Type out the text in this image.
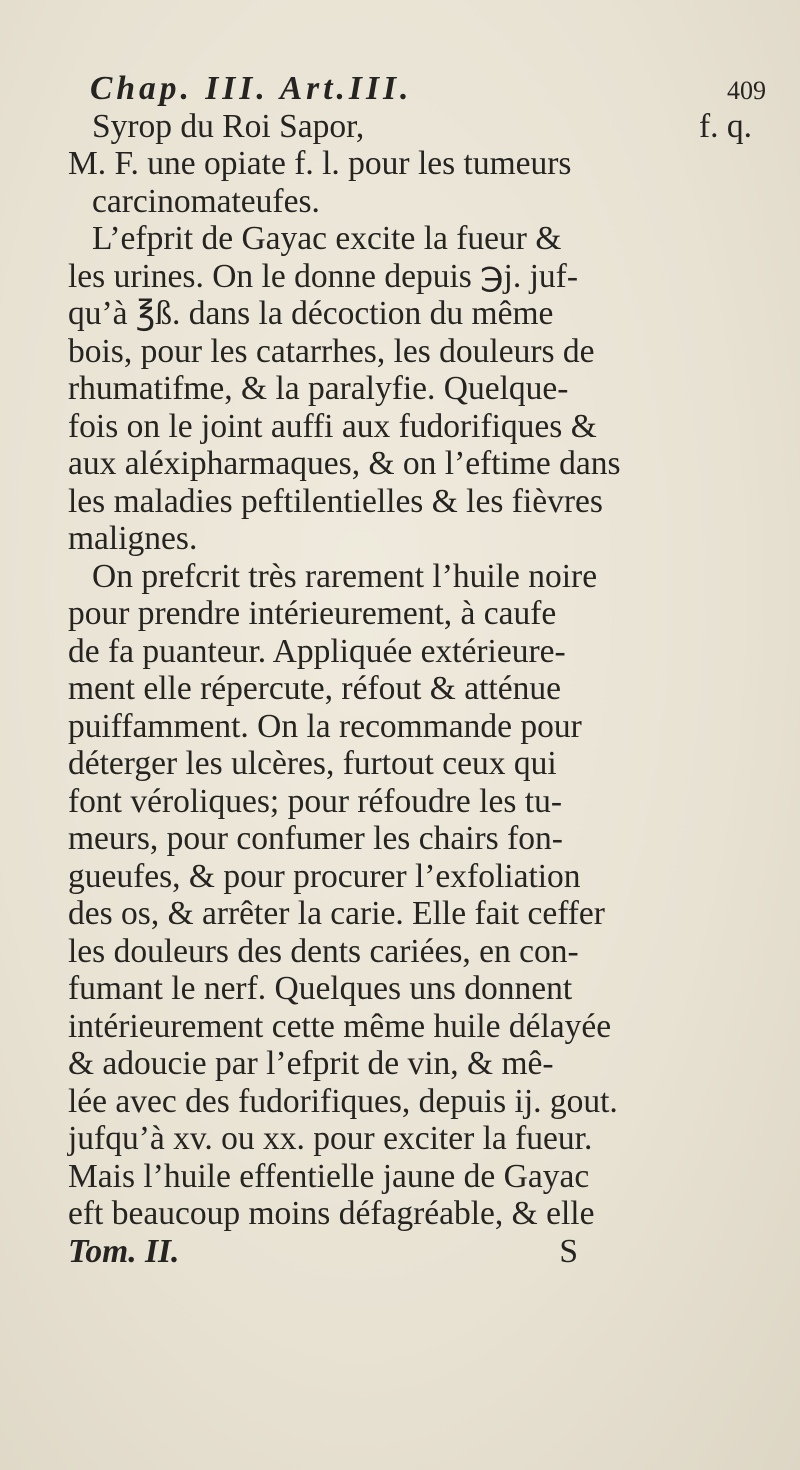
Chap. III. Art.III.	409
Syrop du Roi Sapor,	f. q.
M. F. une opiate f. l. pour les tumeurs
carcinomateufes.
L’efprit de Gayac excite la fueur &
les urines. On le donne depuis ℈j. juf-
qu’à ℥ß. dans la décoction du même
bois, pour les catarrhes, les douleurs de
rhumatifme, & la paralyfie. Quelque-
fois on le joint auffi aux fudorifiques &
aux aléxipharmaques, & on l’eftime dans
les maladies peftilentielles & les fièvres
malignes.
On prefcrit très rarement l’huile noire
pour prendre intérieurement, à caufe
de fa puanteur. Appliquée extérieure-
ment elle répercute, réfout & atténue
puiffamment. On la recommande pour
déterger les ulcères, furtout ceux qui
font véroliques; pour réfoudre les tu-
meurs, pour confumer les chairs fon-
gueufes, & pour procurer l’exfoliation
des os, & arrêter la carie. Elle fait ceffer
les douleurs des dents cariées, en con-
fumant le nerf. Quelques uns donnent
intérieurement cette même huile délayée
& adoucie par l’efprit de vin, & mê-
lée avec des fudorifiques, depuis ij. gout.
jufqu’à xv. ou xx. pour exciter la fueur.
Mais l’huile effentielle jaune de Gayac
eft beaucoup moins défagréable, & elle
Tom. II.	S
